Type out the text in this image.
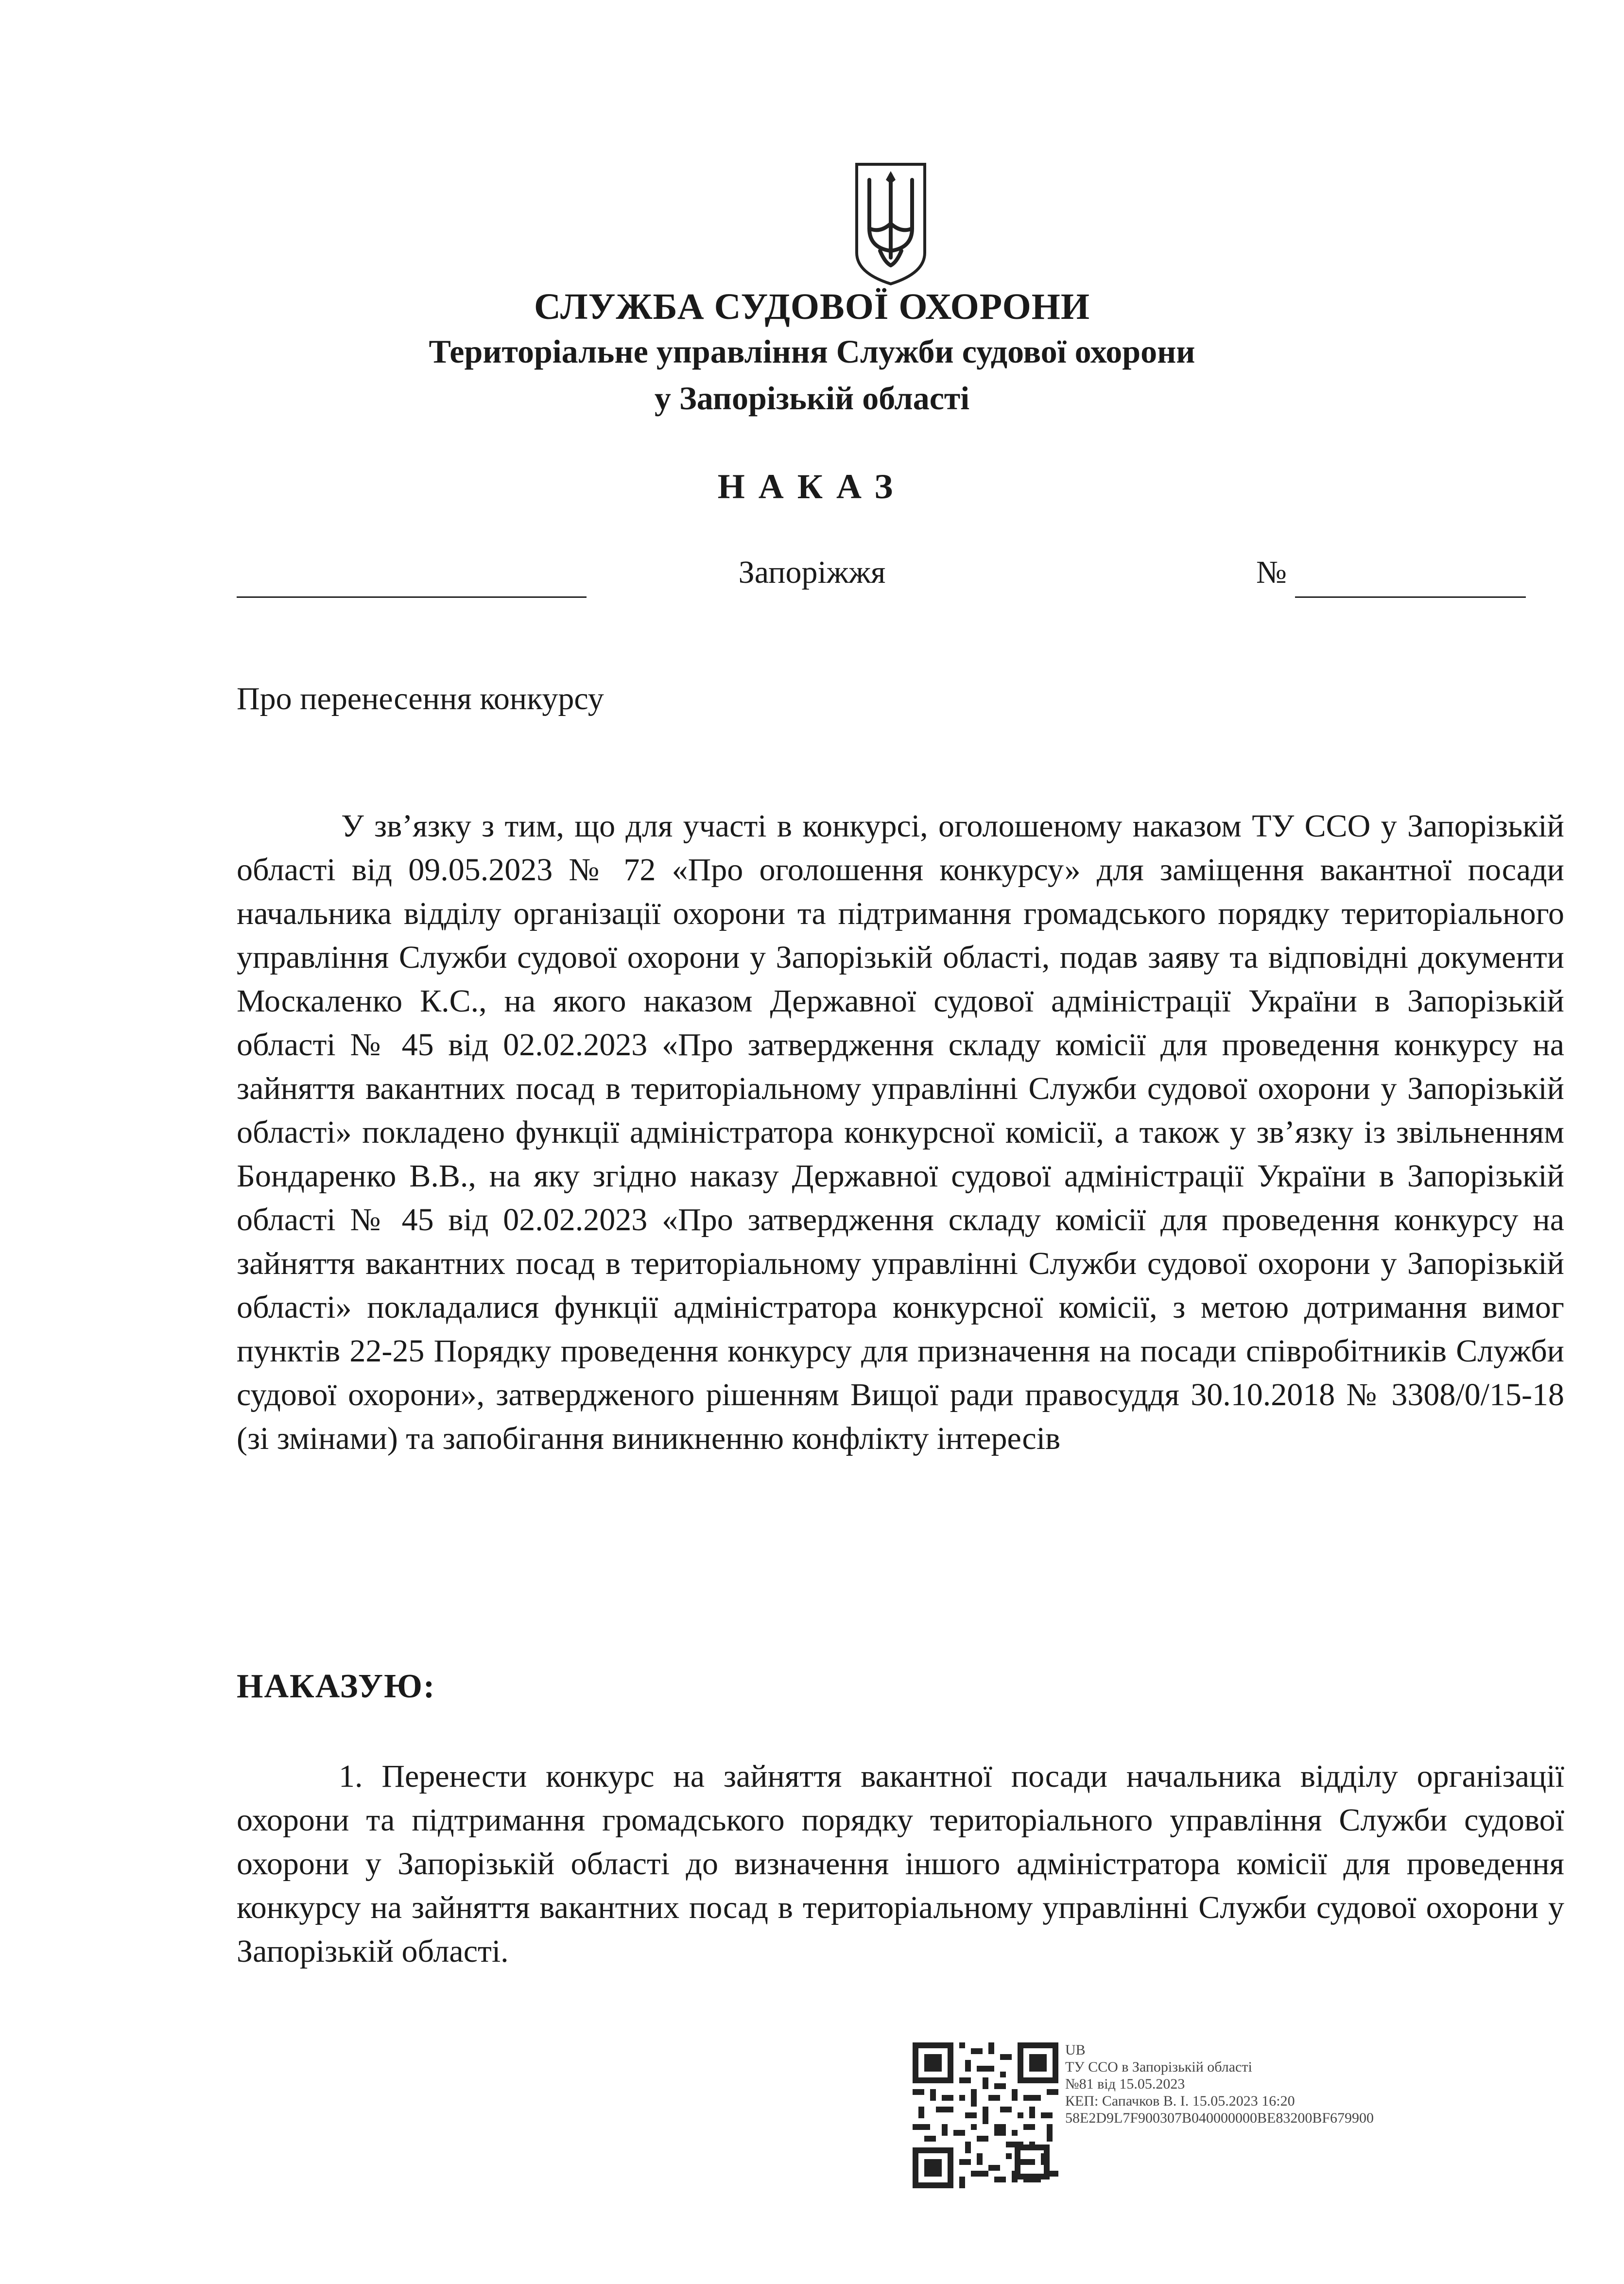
СЛУЖБА СУДОВОЇ ОХОРОНИ
Територіальне управління Служби судової охорони
у Запорізькій області
НАКАЗ
Запоріжжя	№
Про перенесення конкурсу

У зв’язку з тим, що для участі в конкурсі, оголошеному наказом ТУ ССО у Запорізькій області від 09.05.2023 № 72 «Про оголошення конкурсу» для заміщення вакантної посади начальника відділу організації охорони та підтримання громадського порядку територіального управління Служби судової охорони у Запорізькій області, подав заяву та відповідні документи Москаленко К.С., на якого наказом Державної судової адміністрації України в Запорізькій області № 45 від 02.02.2023 «Про затвердження складу комісії для проведення конкурсу на зайняття вакантних посад в територіальному управлінні Служби судової охорони у Запорізькій області» покладено функції адміністратора конкурсної комісії, а також у зв’язку із звільненням Бондаренко В.В., на яку згідно наказу Державної судової адміністрації України в Запорізькій області № 45 від 02.02.2023 «Про затвердження складу комісії для проведення конкурсу на зайняття вакантних посад в територіальному управлінні Служби судової охорони у Запорізькій області» покладалися функції адміністратора конкурсної комісії, з метою дотримання вимог пунктів 22-25 Порядку проведення конкурсу для призначення на посади співробітників Служби судової охорони», затвердженого рішенням Вищої ради правосуддя 30.10.2018 № 3308/0/15-18 (зі змінами) та запобігання виникненню конфлікту інтересів

НАКАЗУЮ:

1. Перенести конкурс на зайняття вакантної посади начальника відділу організації охорони та підтримання громадського порядку територіального управління Служби судової охорони у Запорізькій області до визначення іншого адміністратора комісії для проведення конкурсу на зайняття вакантних посад в територіальному управлінні Служби судової охорони у Запорізькій області.

UB
ТУ ССО в Запорізькій області
№81 від 15.05.2023
КЕП: Сапачков В. І. 15.05.2023 16:20
58E2D9L7F900307B040000000BE83200BF679900
